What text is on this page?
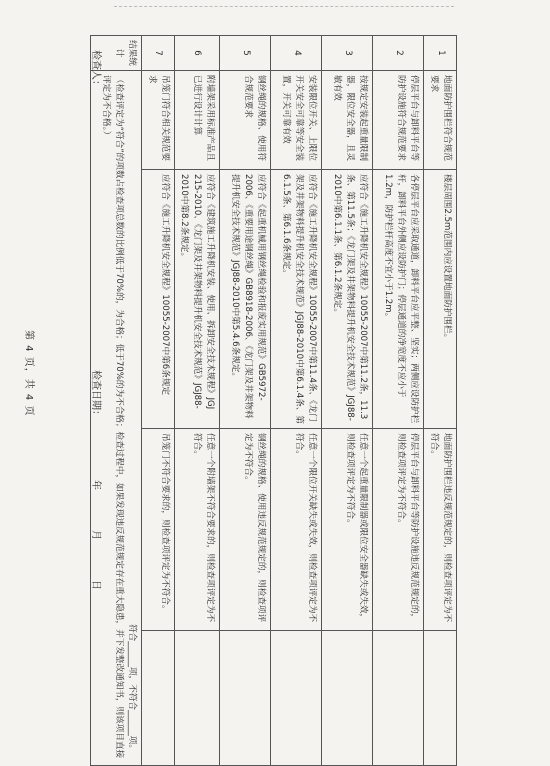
1	地面防护围栏符合规范要求	楼层周围2.5m范围内应设置地面防护围栏。	地面防护围栏违反规范规定的，则检查项评定为不符合。	
2	停层平台与卸料平台等防护设施符合规范要求	各停层平台应采取通道，卸料平台应平整、坚实；两侧应设防护栏杆，卸料平台外侧应设防护门；停层通道的净宽度不应小于1.2m，防护栏杆高度不宜小于1.2m。	停层平台与卸料平台等防护设施违反规范规定的，则检查项评定为不符合。	
3	按规定安装起重量限制器，限位安全器，且灵敏有效	应符合《施工升降机安全规程》10055-2007中第11.2条，11.3条、第11.5条；《龙门架及井架物料提升机安全技术规范》JGJ88-2010中第6.1.1条、第6.1.2条规定。	任意一个起重量限制器或限位安全器缺失或失效，则检查项评定为不符合。	
4	安装限位开关、上限位开关安全可靠等安全装置，开关可靠有效	应符合《施工升降机安全规程》10055-2007中第11.4条、《龙门架及井架物料提升机安全技术规范》JGJ88-2010中第6.1.4条、第6.1.5条、第6.1.6条规定。	任意一个限位开关缺失或失效，则检查项评定为不符合。	
5	钢丝绳的规格、使用符合规范要求	应符合《起重机械用钢丝绳检验和报废实用规范》GB5972-2006、《重要用途钢丝绳》GB8918-2006、《龙门架及井架物料提升机安全技术规范》JGJ88-2010中第5.4.6条规定。	钢丝绳的规格、使用违反规范规定的，则检查项评定为不符合。	
6	附墙架采用标准产品且已进行设计计算	应符合《建筑施工升降机安装、使用、拆卸安全技术规程》JGJ 215-2010、《龙门架及井架物料提升机安全技术规范》JGJ88-2010中第8.2条规定。	任意一个附墙架不符合要求的，则检查项评定为不符合。	
7	吊笼门符合相关规范要求	应符合《施工升降机安全规程》10055-2007中第6条规定	吊笼门不符合要求的，则检查项评定为不符合。	
结果统计	符合______项，不符合______项。
（检查评定为“符合”的项数占检查项总数的比例低于70%的，为合格；低于70%的为不合格；检查过程中，如果发现违反规范规定存在重大隐患，并下发整改通知书，则该项目直接评定为不合格。）			
检查人：
检查日期：年月日
第 4 页，共 4 页
